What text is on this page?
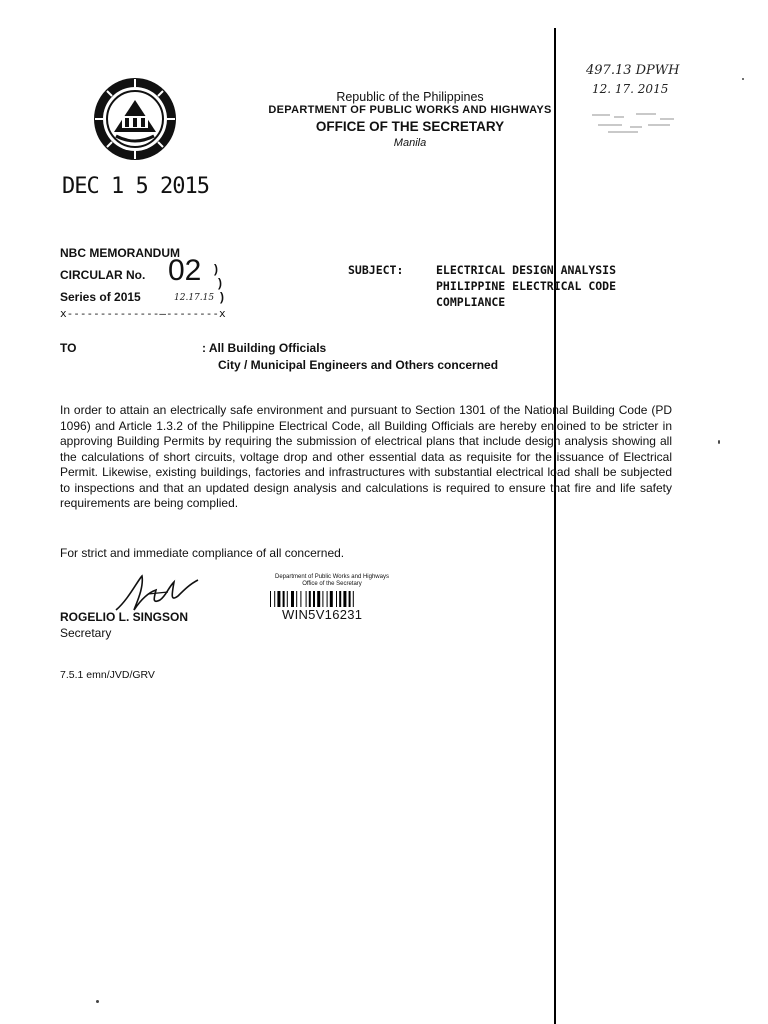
Republic of the Philippines
DEPARTMENT OF PUBLIC WORKS AND HIGHWAYS
OFFICE OF THE SECRETARY
Manila
497.13 DPWH
12. 17. 2015
DEC 1 5 2015
NBC MEMORANDUM
CIRCULAR No. 02 )
)
Series of 2015	12.17.15 )
x--------------—--------x
SUBJECT:	ELECTRICAL DESIGN ANALYSIS
PHILIPPINE ELECTRICAL CODE
COMPLIANCE
TO	: All Building Officials
City / Municipal Engineers and Others concerned
In order to attain an electrically safe environment and pursuant to Section 1301 of the National Building Code (PD 1096) and Article 1.3.2 of the Philippine Electrical Code, all Building Officials are hereby enjoined to be stricter in approving Building Permits by requiring the submission of electrical plans that include design analysis showing all the calculations of short circuits, voltage drop and other essential data as requisite for the issuance of Electrical Permit. Likewise, existing buildings, factories and infrastructures with substantial electrical load shall be subjected to inspections and that an updated design analysis and calculations is required to ensure that fire and life safety requirements are being complied.
For strict and immediate compliance of all concerned.
ROGELIO L. SINGSON
Secretary
Department of Public Works and Highways
Office of the Secretary
WIN5V16231
7.5.1 emn/JVD/GRV
